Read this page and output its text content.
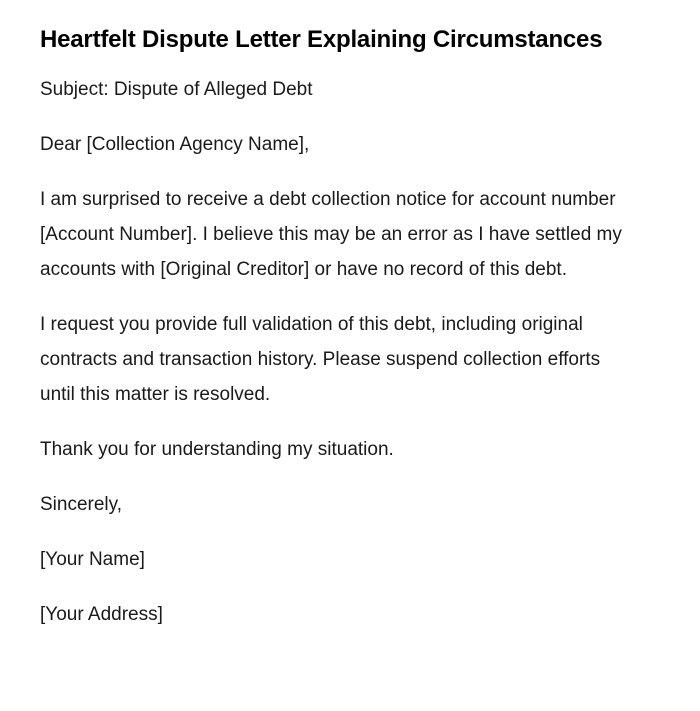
Heartfelt Dispute Letter Explaining Circumstances

Subject: Dispute of Alleged Debt

Dear [Collection Agency Name],

I am surprised to receive a debt collection notice for account number [Account Number]. I believe this may be an error as I have settled my accounts with [Original Creditor] or have no record of this debt.

I request you provide full validation of this debt, including original contracts and transaction history. Please suspend collection efforts until this matter is resolved.

Thank you for understanding my situation.

Sincerely,

[Your Name]

[Your Address]
